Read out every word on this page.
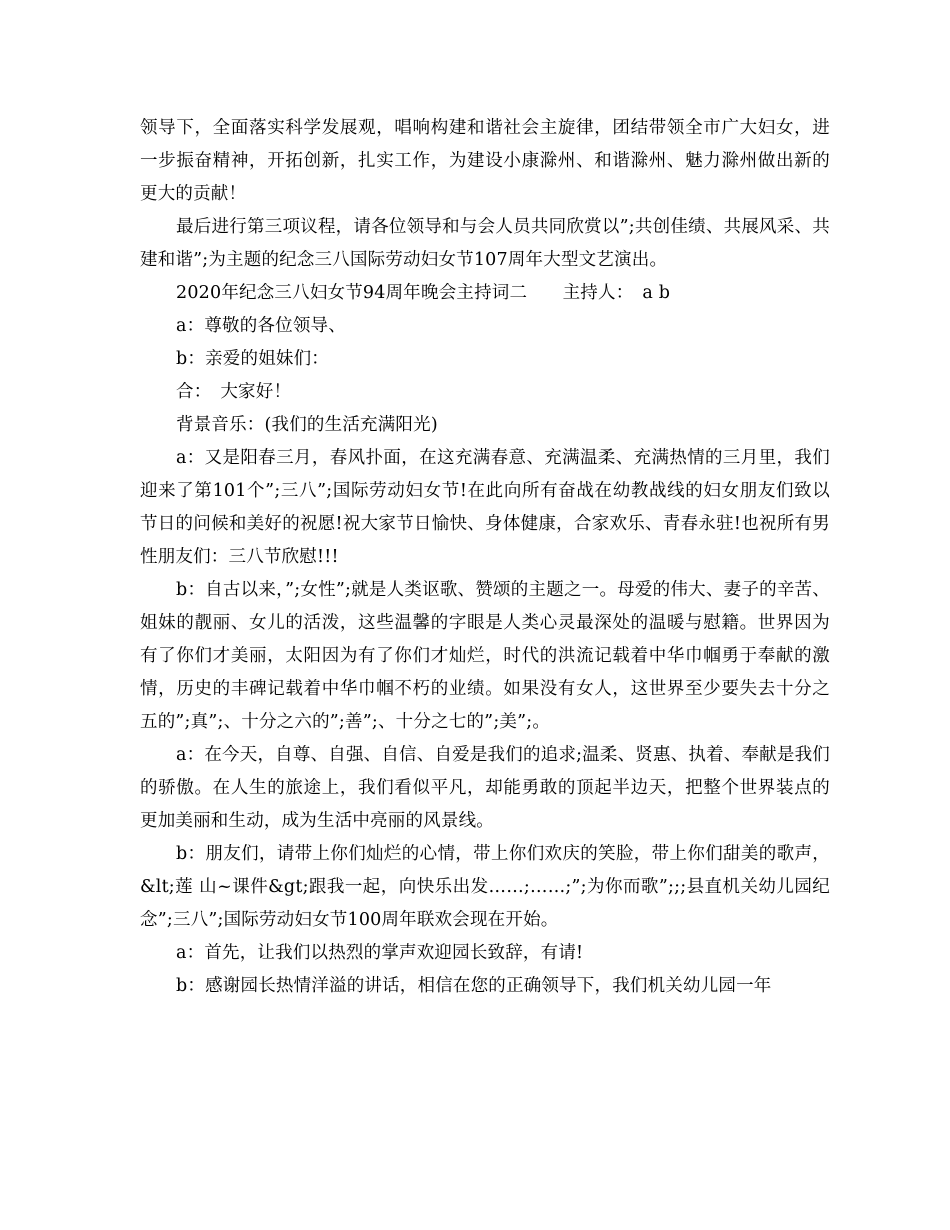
领导下，全面落实科学发展观，唱响构建和谐社会主旋律，团结带领全市广大妇女，进一步振奋精神，开拓创新，扎实工作，为建设小康滁州、和谐滁州、魅力滁州做出新的更大的贡献！

最后进行第三项议程，请各位领导和与会人员共同欣赏以”;共创佳绩、共展风采、共建和谐”;为主题的纪念三八国际劳动妇女节107周年大型文艺演出。

2020年纪念三八妇女节94周年晚会主持词二　　主持人：　a b

a：尊敬的各位领导、

b：亲爱的姐妹们：

合：　大家好！

背景音乐：(我们的生活充满阳光)

a：又是阳春三月，春风扑面，在这充满春意、充满温柔、充满热情的三月里，我们迎来了第101个”;三八”;国际劳动妇女节!在此向所有奋战在幼教战线的妇女朋友们致以节日的问候和美好的祝愿!祝大家节日愉快、身体健康，合家欢乐、青春永驻!也祝所有男性朋友们：三八节欣慰!!!

b：自古以来，”;女性”;就是人类讴歌、赞颂的主题之一。母爱的伟大、妻子的辛苦、姐妹的靓丽、女儿的活泼，这些温馨的字眼是人类心灵最深处的温暖与慰籍。世界因为有了你们才美丽，太阳因为有了你们才灿烂，时代的洪流记载着中华巾帼勇于奉献的激情，历史的丰碑记载着中华巾帼不朽的业绩。如果没有女人，这世界至少要失去十分之五的”;真”;、十分之六的”;善”;、十分之七的”;美”;。

a：在今天，自尊、自强、自信、自爱是我们的追求;温柔、贤惠、执着、奉献是我们的骄傲。在人生的旅途上，我们看似平凡，却能勇敢的顶起半边天，把整个世界装点的更加美丽和生动，成为生活中亮丽的风景线。

b：朋友们，请带上你们灿烂的心情，带上你们欢庆的笑脸，带上你们甜美的歌声，&lt;莲 山~课件&gt;跟我一起，向快乐出发……;……;”;为你而歌”;;;县直机关幼儿园纪念”;三八”;国际劳动妇女节100周年联欢会现在开始。

a：首先，让我们以热烈的掌声欢迎园长致辞，有请!

b：感谢园长热情洋溢的讲话，相信在您的正确领导下，我们机关幼儿园一年
